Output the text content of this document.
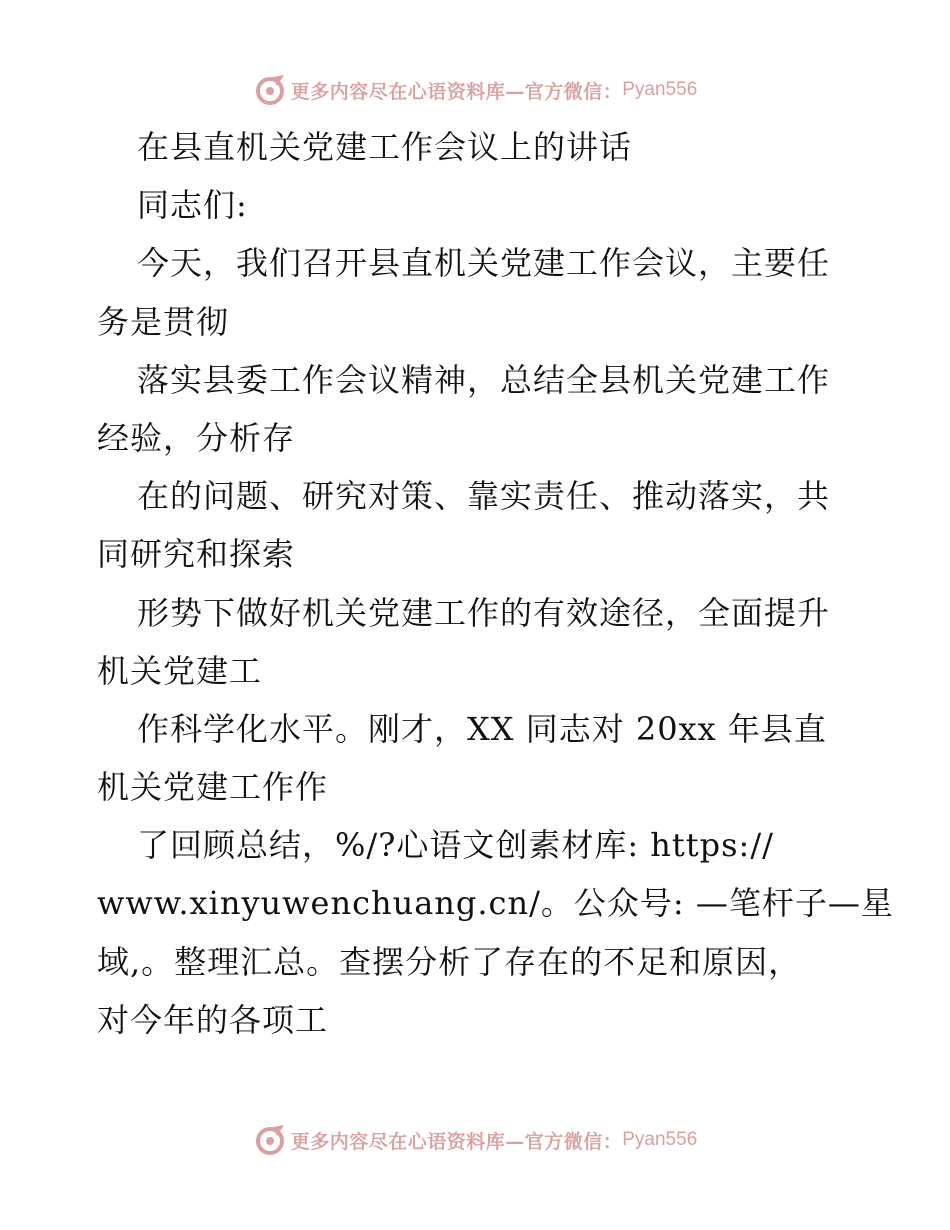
更多内容尽在心语资料库—官方微信： Pyan556
在县直机关党建工作会议上的讲话
同志们:
今天，我们召开县直机关党建工作会议，主要任
务是贯彻
落实县委工作会议精神，总结全县机关党建工作
经验，分析存
在的问题、研究对策、靠实责任、推动落实，共
同研究和探索
形势下做好机关党建工作的有效途径，全面提升
机关党建工
作科学化水平。刚才，XX 同志对 20xx 年县直
机关党建工作作
了回顾总结，%/?心语文创素材库: https://
www.xinyuwenchuang.cn/。公众号: —笔杆子—星
域,。整理汇总。查摆分析了存在的不足和原因，
对今年的各项工
更多内容尽在心语资料库—官方微信： Pyan556
